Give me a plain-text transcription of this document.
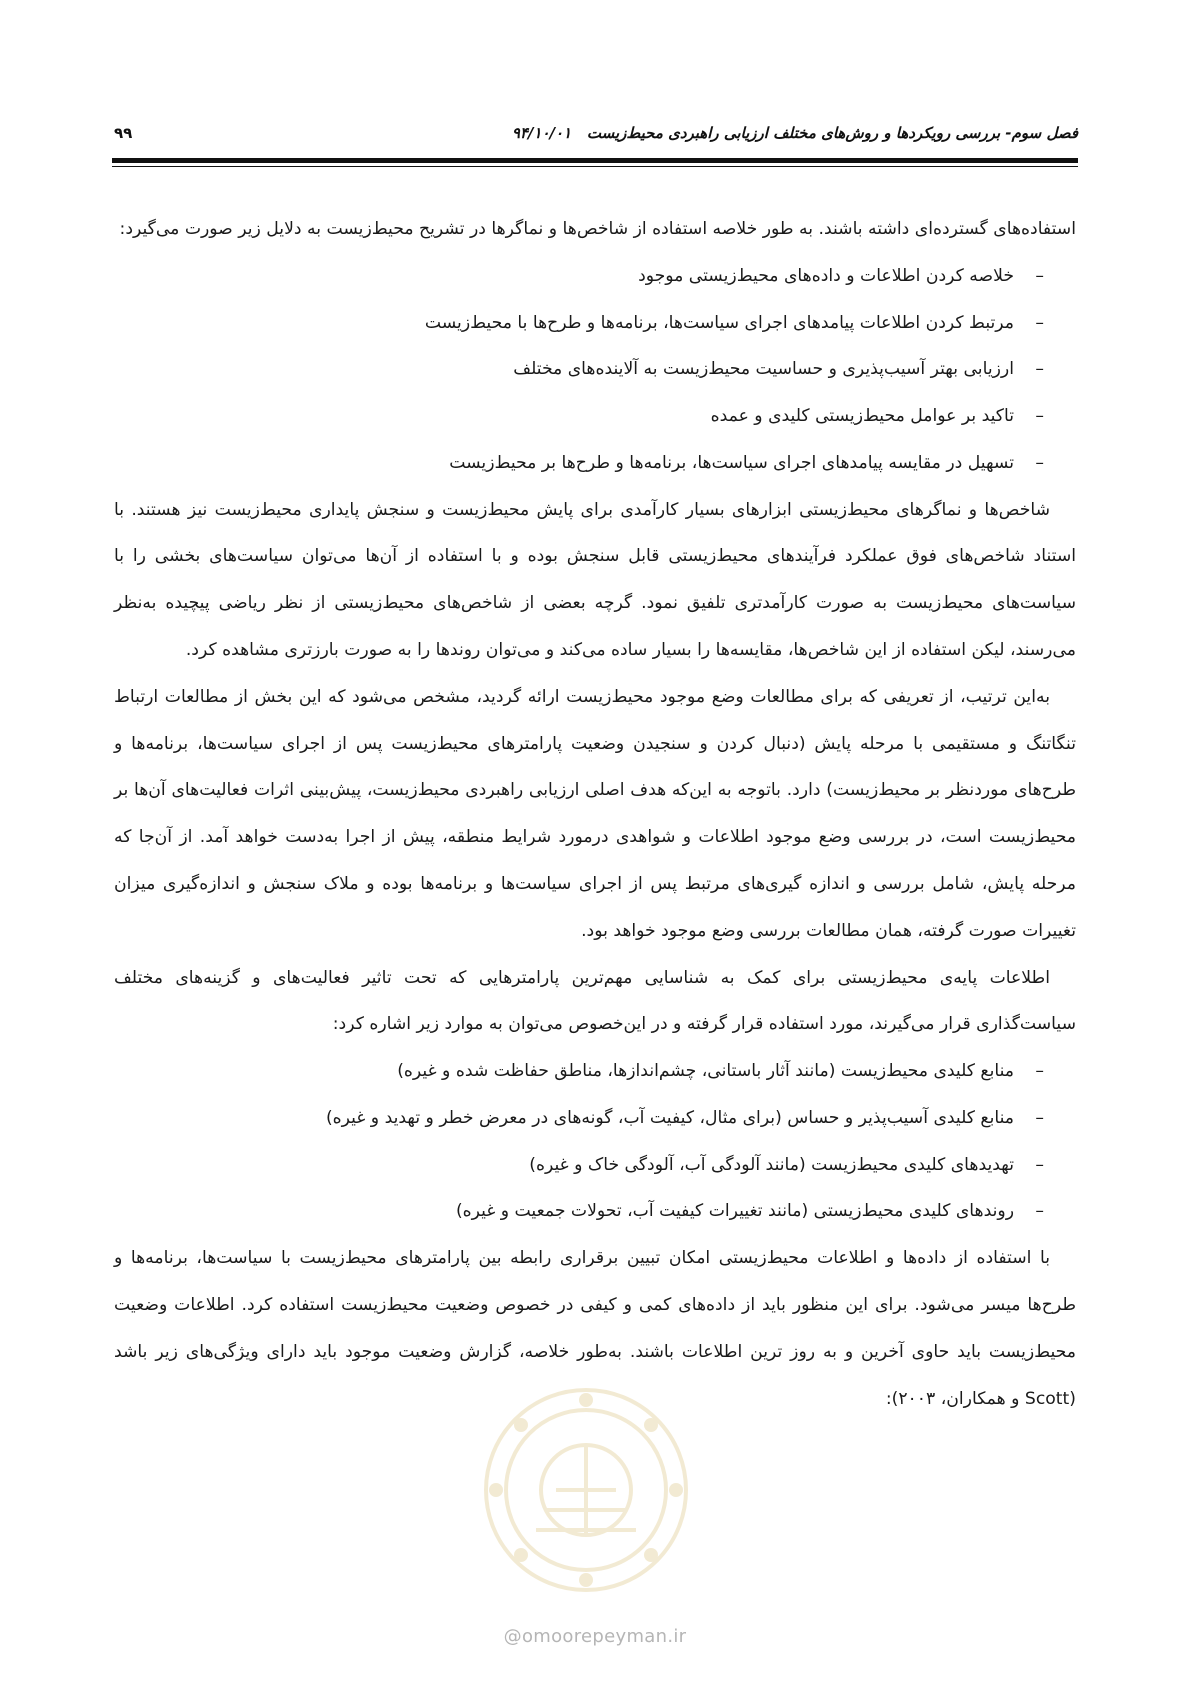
فصل سوم- بررسی رویکردها و روش‌های مختلف ارزیابی راهبردی محیط‌زیست   ۹۴/۱۰/۰۱
۹۹

استفاده‌های گسترده‌ای داشته باشند. به طور خلاصه استفاده از شاخص‌ها و نماگرها در تشریح محیط‌زیست به دلایل زیر صورت می‌گیرد:

–
خلاصه کردن اطلاعات و داده‌های محیط‌زیستی موجود
–
مرتبط کردن اطلاعات پیامدهای اجرای سیاست‌ها، برنامه‌ها و طرح‌ها با محیط‌زیست
–
ارزیابی بهتر آسیب‌پذیری و حساسیت محیط‌زیست به آلاینده‌های مختلف
–
تاکید بر عوامل محیط‌زیستی کلیدی و عمده
–
تسهیل در مقایسه پیامدهای اجرای سیاست‌ها، برنامه‌ها و طرح‌ها بر محیط‌زیست

شاخص‌ها و نماگرهای محیط‌زیستی ابزارهای بسیار کارآمدی برای پایش محیط‌زیست و سنجش پایداری محیط‌زیست نیز هستند. با استناد شاخص‌های فوق عملکرد فرآیندهای محیط‌زیستی قابل سنجش بوده و با استفاده از آن‌ها می‌توان سیاست‌های بخشی را با سیاست‌های محیط‌زیست به صورت کارآمدتری تلفیق نمود. گرچه بعضی از شاخص‌های محیط‌زیستی از نظر ریاضی پیچیده به‌نظر می‌رسند، لیکن استفاده از این شاخص‌ها، مقایسه‌ها را بسیار ساده می‌کند و می‌توان روندها را به صورت بارزتری مشاهده کرد.

به‌این ترتیب، از تعریفی که برای مطالعات وضع موجود محیط‌زیست ارائه گردید، مشخص می‌شود که این بخش از مطالعات ارتباط تنگاتنگ و مستقیمی با مرحله پایش (دنبال کردن و سنجیدن وضعیت پارامترهای محیط‌زیست پس از اجرای سیاست‌ها، برنامه‌ها و طرح‌های موردنظر بر محیط‌زیست) دارد. باتوجه به این‌که هدف اصلی ارزیابی راهبردی محیط‌زیست، پیش‌بینی اثرات فعالیت‌های آن‌ها بر محیط‌زیست است، در بررسی وضع موجود اطلاعات و شواهدی درمورد شرایط منطقه، پیش از اجرا به‌دست خواهد آمد. از آن‌جا که مرحله پایش، شامل بررسی و اندازه گیری‌های مرتبط پس از اجرای سیاست‌ها و برنامه‌ها بوده و ملاک سنجش و اندازه‌گیری میزان تغییرات صورت گرفته، همان مطالعات بررسی وضع موجود خواهد بود.

اطلاعات پایه‌ی محیط‌زیستی برای کمک به شناسایی مهم‌ترین پارامترهایی که تحت تاثیر فعالیت‌های و گزینه‌های مختلف سیاست‌گذاری قرار می‌گیرند، مورد استفاده قرار گرفته و در این‌خصوص می‌توان به موارد زیر اشاره کرد:

–
منابع کلیدی محیط‌زیست (مانند آثار باستانی، چشم‌اندازها، مناطق حفاظت شده و غیره)
–
منابع کلیدی آسیب‌پذیر و حساس (برای مثال، کیفیت آب، گونه‌های در معرض خطر و تهدید و غیره)
–
تهدیدهای کلیدی محیط‌زیست (مانند آلودگی آب، آلودگی خاک و غیره)
–
روندهای کلیدی محیط‌زیستی (مانند تغییرات کیفیت آب، تحولات جمعیت و غیره)

با استفاده از داده‌ها و اطلاعات محیط‌زیستی امکان تبیین برقراری رابطه بین پارامترهای محیط‌زیست با سیاست‌ها، برنامه‌ها و طرح‌ها میسر می‌شود. برای این منظور باید از داده‌های کمی و کیفی در خصوص وضعیت محیط‌زیست استفاده کرد. اطلاعات وضعیت محیط‌زیست باید حاوی آخرین و به روز ترین اطلاعات باشند. به‌طور خلاصه، گزارش وضعیت موجود باید دارای ویژگی‌های زیر باشد (Scott و همکاران، ۲۰۰۳):

@omoorepeyman.ir
